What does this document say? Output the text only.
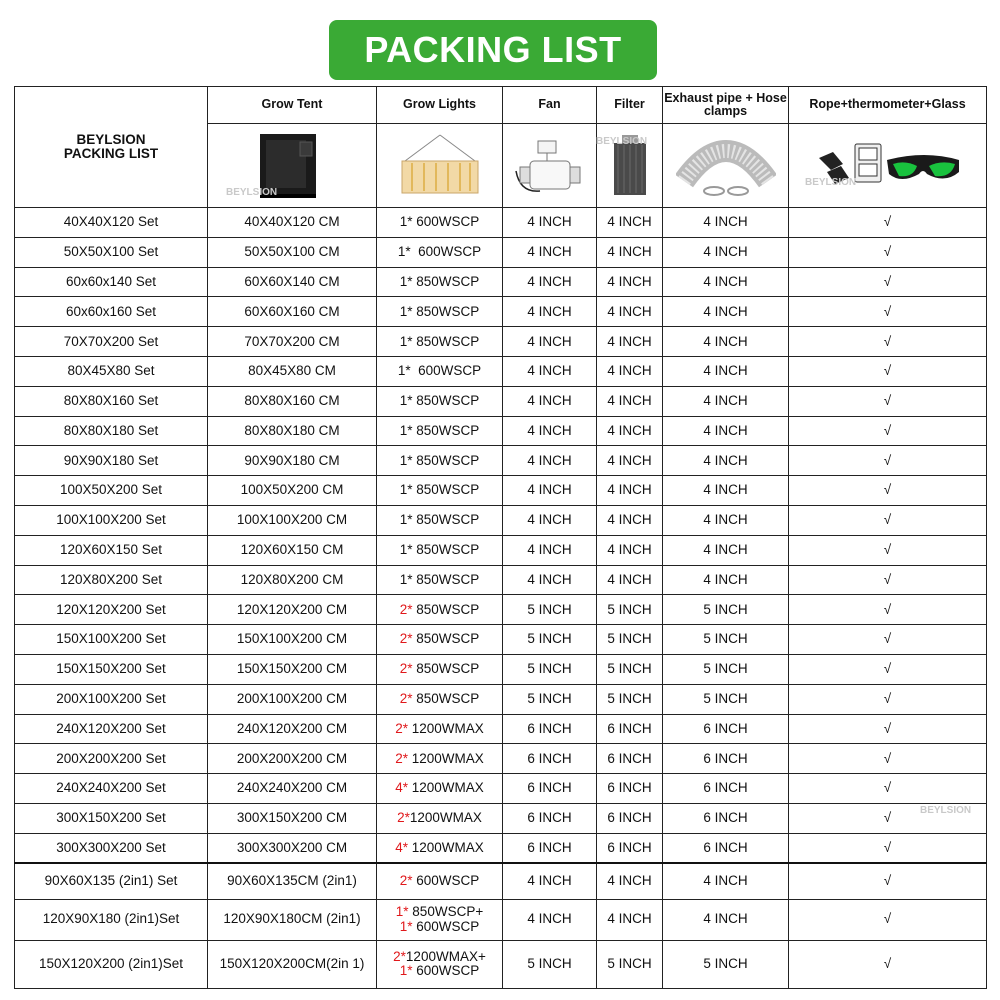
PACKING LIST
BEYLSION
PACKING LIST	Grow Tent	Grow Lights	Fan	Filter	Exhaust pipe + Hose clamps	Rope+thermometer+Glass

40X40X120 Set	40X40X120 CM	1* 600WSCP	4 INCH	4 INCH	4 INCH	√
50X50X100 Set	50X50X100 CM	1*  600WSCP	4 INCH	4 INCH	4 INCH	√
60x60x140 Set	60X60X140 CM	1* 850WSCP	4 INCH	4 INCH	4 INCH	√
60x60x160 Set	60X60X160 CM	1* 850WSCP	4 INCH	4 INCH	4 INCH	√
70X70X200 Set	70X70X200 CM	1* 850WSCP	4 INCH	4 INCH	4 INCH	√
80X45X80 Set	80X45X80 CM	1*  600WSCP	4 INCH	4 INCH	4 INCH	√
80X80X160 Set	80X80X160 CM	1* 850WSCP	4 INCH	4 INCH	4 INCH	√
80X80X180 Set	80X80X180 CM	1* 850WSCP	4 INCH	4 INCH	4 INCH	√
90X90X180 Set	90X90X180 CM	1* 850WSCP	4 INCH	4 INCH	4 INCH	√
100X50X200 Set	100X50X200 CM	1* 850WSCP	4 INCH	4 INCH	4 INCH	√
100X100X200 Set	100X100X200 CM	1* 850WSCP	4 INCH	4 INCH	4 INCH	√
120X60X150 Set	120X60X150 CM	1* 850WSCP	4 INCH	4 INCH	4 INCH	√
120X80X200 Set	120X80X200 CM	1* 850WSCP	4 INCH	4 INCH	4 INCH	√
120X120X200 Set	120X120X200 CM	2* 850WSCP	5 INCH	5 INCH	5 INCH	√
150X100X200 Set	150X100X200 CM	2* 850WSCP	5 INCH	5 INCH	5 INCH	√
150X150X200 Set	150X150X200 CM	2* 850WSCP	5 INCH	5 INCH	5 INCH	√
200X100X200 Set	200X100X200 CM	2* 850WSCP	5 INCH	5 INCH	5 INCH	√
240X120X200 Set	240X120X200 CM	2* 1200WMAX	6 INCH	6 INCH	6 INCH	√
200X200X200 Set	200X200X200 CM	2* 1200WMAX	6 INCH	6 INCH	6 INCH	√
240X240X200 Set	240X240X200 CM	4* 1200WMAX	6 INCH	6 INCH	6 INCH	√
300X150X200 Set	300X150X200 CM	2*1200WMAX	6 INCH	6 INCH	6 INCH	√
300X300X200 Set	300X300X200 CM	4* 1200WMAX	6 INCH	6 INCH	6 INCH	√
90X60X135 (2in1) Set	90X60X135CM (2in1)	2* 600WSCP	4 INCH	4 INCH	4 INCH	√
120X90X180 (2in1)Set	120X90X180CM (2in1)	1* 850WSCP+
1* 600WSCP	4 INCH	4 INCH	4 INCH	√
150X120X200 (2in1)Set	150X120X200CM(2in 1)	2*1200WMAX+
1* 600WSCP	5 INCH	5 INCH	5 INCH	√
BEYLSION
BEYLSION
BEYLSION
BEYLSION
